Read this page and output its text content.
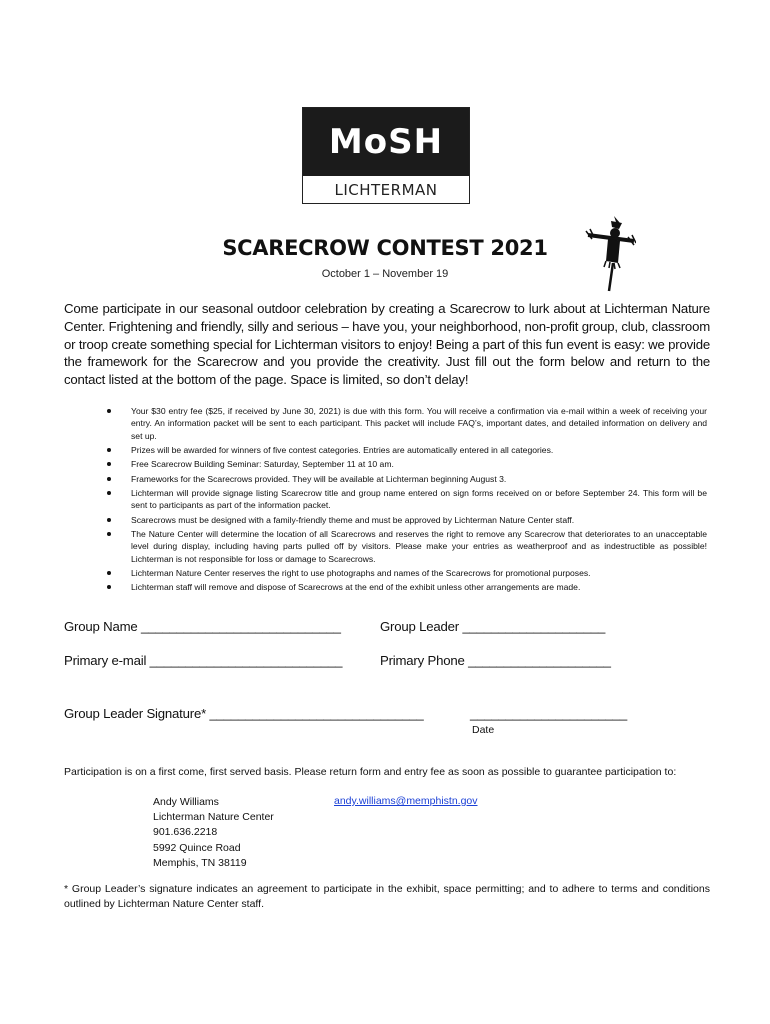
MoSH
LICHTERMAN
SCARECROW CONTEST 2021
October 1 – November 19
Come participate in our seasonal outdoor celebration by creating a Scarecrow to lurk about at Lichterman Nature Center. Frightening and friendly, silly and serious – have you, your neighborhood, non-profit group, club, classroom or troop create something special for Lichterman visitors to enjoy! Being a part of this fun event is easy: we provide the framework for the Scarecrow and you provide the creativity. Just fill out the form below and return to the contact listed at the bottom of the page. Space is limited, so don’t delay!
Your $30 entry fee ($25, if received by June 30, 2021) is due with this form. You will receive a confirmation via e-mail within a week of receiving your entry. An information packet will be sent to each participant. This packet will include FAQ’s, important dates, and detailed information on delivery and set up.
Prizes will be awarded for winners of five contest categories. Entries are automatically entered in all categories.
Free Scarecrow Building Seminar: Saturday, September 11 at 10 am.
Frameworks for the Scarecrows provided. They will be available at Lichterman beginning August 3.
Lichterman will provide signage listing Scarecrow title and group name entered on sign forms received on or before September 24. This form will be sent to participants as part of the information packet.
Scarecrows must be designed with a family-friendly theme and must be approved by Lichterman Nature Center staff.
The Nature Center will determine the location of all Scarecrows and reserves the right to remove any Scarecrow that deteriorates to an unacceptable level during display, including having parts pulled off by visitors. Please make your entries as weatherproof and as indestructible as possible! Lichterman is not responsible for loss or damage to Scarecrows.
Lichterman Nature Center reserves the right to use photographs and names of the Scarecrows for promotional purposes.
Lichterman staff will remove and dispose of Scarecrows at the end of the exhibit unless other arrangements are made.
Group Name ____________________________	Group Leader ____________________
Primary e-mail ___________________________	Primary Phone ____________________
Group Leader Signature* ______________________________	______________________
Date
Participation is on a first come, first served basis. Please return form and entry fee as soon as possible to guarantee participation to:
Andy Williams
Lichterman Nature Center
901.636.2218
5992 Quince Road
Memphis, TN 38119
andy.williams@memphistn.gov
* Group Leader’s signature indicates an agreement to participate in the exhibit, space permitting; and to adhere to terms and conditions outlined by Lichterman Nature Center staff.
